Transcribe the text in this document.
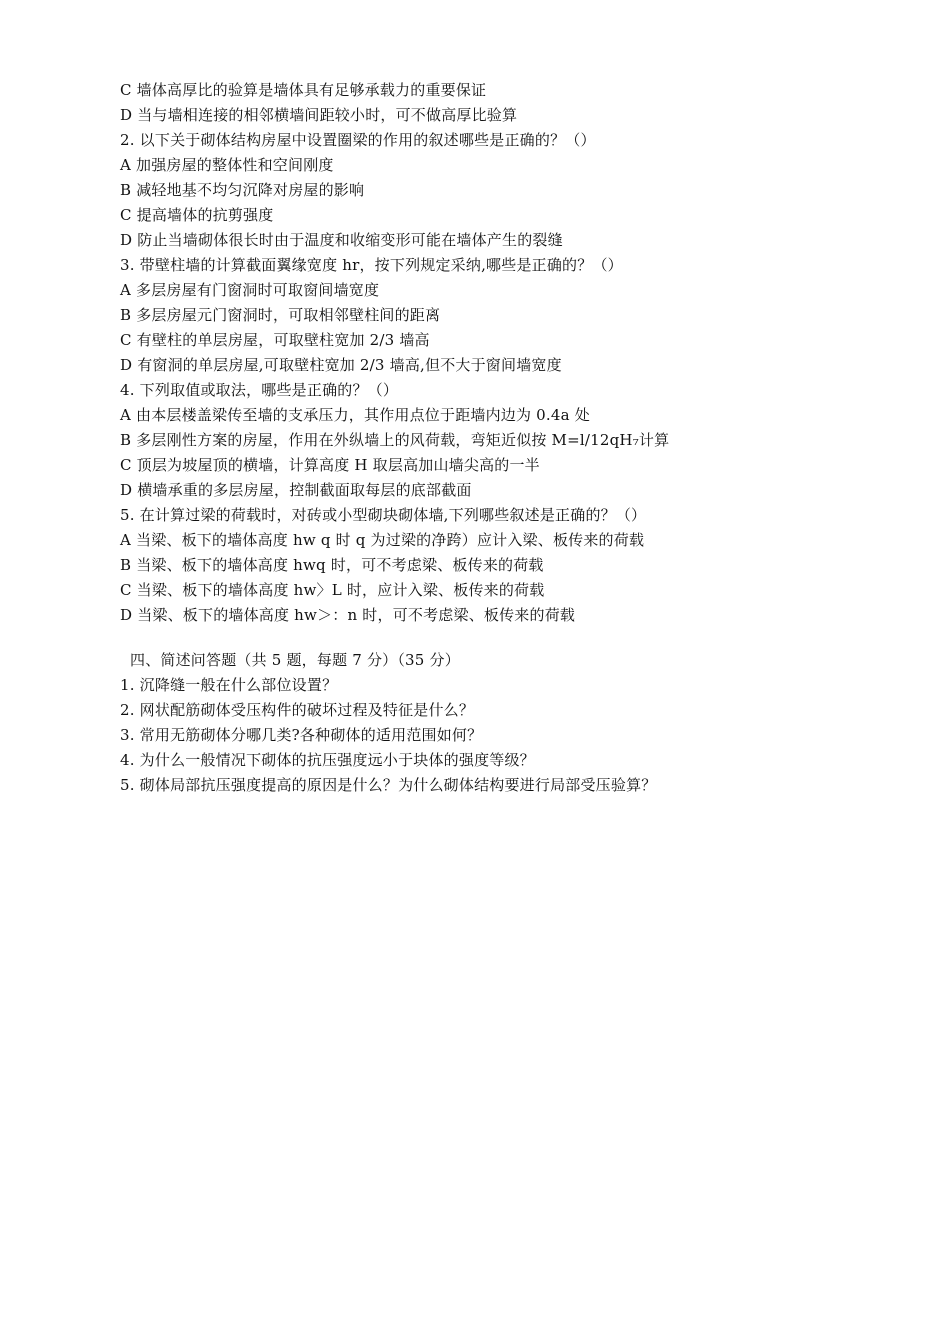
C 墙体高厚比的验算是墙体具有足够承载力的重要保证
D 当与墙相连接的相邻横墙间距较小时，可不做高厚比验算
2. 以下关于砌体结构房屋中设置圈梁的作用的叙述哪些是正确的？（）
A 加强房屋的整体性和空间刚度
B 减轻地基不均匀沉降对房屋的影响
C 提高墙体的抗剪强度
D 防止当墙砌体很长时由于温度和收缩变形可能在墙体产生的裂缝
3. 带壁柱墙的计算截面翼缘宽度 hr，按下列规定采纳,哪些是正确的？（）
A 多层房屋有门窗洞时可取窗间墙宽度
B 多层房屋元门窗洞时，可取相邻壁柱间的距离
C 有壁柱的单层房屋，可取壁柱宽加 2/3 墙高
D 有窗洞的单层房屋,可取壁柱宽加 2/3 墙高,但不大于窗间墙宽度
4. 下列取值或取法，哪些是正确的？（）
A 由本层楼盖梁传至墙的支承压力，其作用点位于距墙内边为 0.4a 处
B 多层刚性方案的房屋，作用在外纵墙上的风荷载，弯矩近似按 M=l/12qH₇计算
C 顶层为坡屋顶的横墙，计算高度 H 取层高加山墙尖高的一半
D 横墙承重的多层房屋，控制截面取每层的底部截面
5. 在计算过梁的荷载时，对砖或小型砌块砌体墙,下列哪些叙述是正确的？（）
A 当梁、板下的墙体高度 hw q 时 q 为过梁的净跨）应计入梁、板传来的荷载
B 当梁、板下的墙体高度 hwq 时，可不考虑梁、板传来的荷载
C 当梁、板下的墙体高度 hw〉L 时，应计入梁、板传来的荷载
D 当梁、板下的墙体高度 hw＞：n 时，可不考虑梁、板传来的荷载
四、简述问答题（共 5 题，每题 7 分）（35 分）
1. 沉降缝一般在什么部位设置？
2. 网状配筋砌体受压构件的破坏过程及特征是什么？
3. 常用无筋砌体分哪几类?各种砌体的适用范围如何？
4. 为什么一般情况下砌体的抗压强度远小于块体的强度等级？
5. 砌体局部抗压强度提高的原因是什么？为什么砌体结构要进行局部受压验算？
